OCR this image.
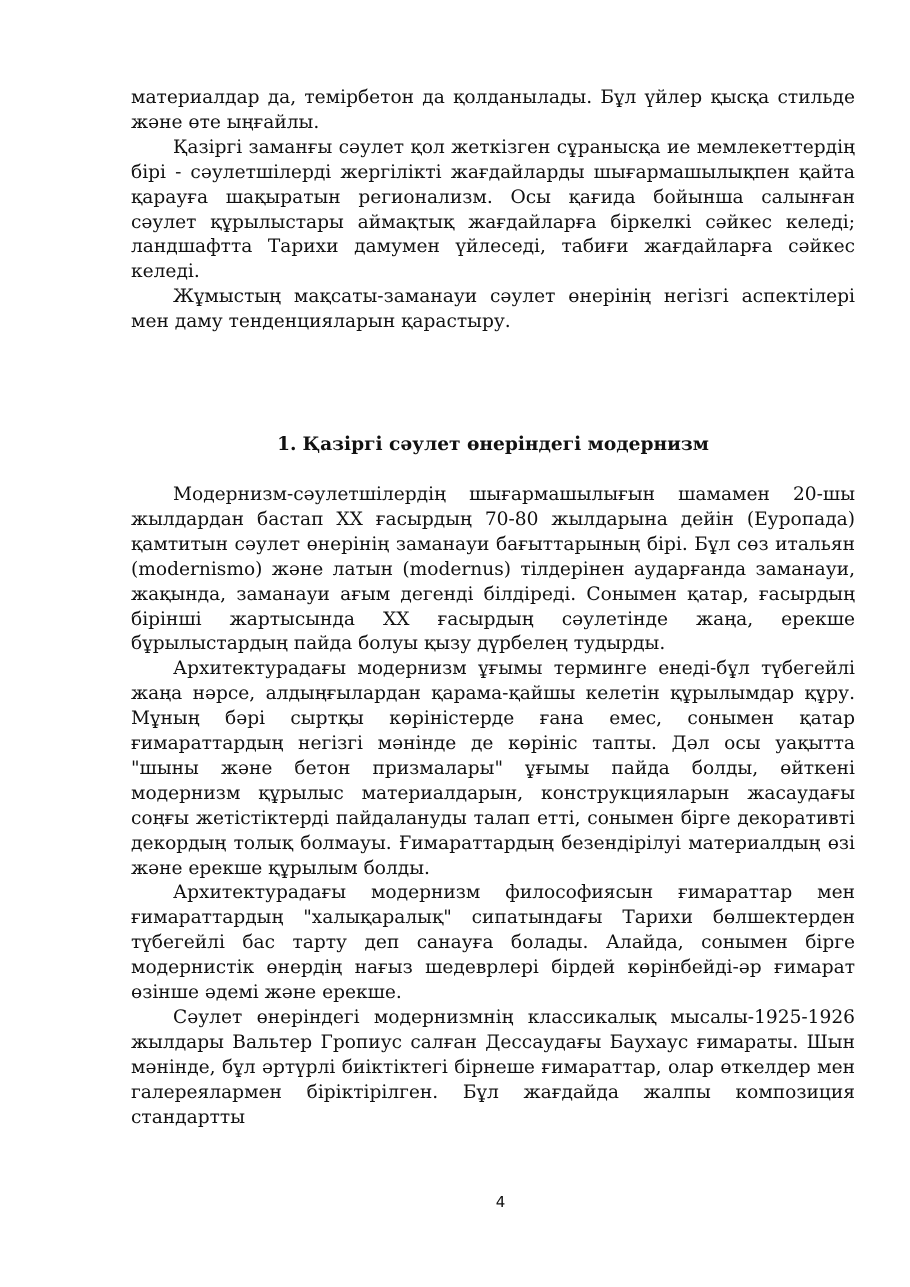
материалдар да, темірбетон да қолданылады. Бұл үйлер қысқа стильде және өте ыңғайлы.

Қазіргі заманғы сәулет қол жеткізген сұранысқа ие мемлекеттердің бірі - сәулетшілерді жергілікті жағдайларды шығармашылықпен қайта қарауға шақыратын регионализм. Осы қағида бойынша салынған сәулет құрылыстары аймақтық жағдайларға біркелкі сәйкес келеді; ландшафтта Тарихи дамумен үйлеседі, табиғи жағдайларға сәйкес келеді.

Жұмыстың мақсаты-заманауи сәулет өнерінің негізгі аспектілері мен даму тенденцияларын қарастыру.

1. Қазіргі сәулет өнеріндегі модернизм

Модернизм-сәулетшілердің шығармашылығын шамамен 20-шы жылдардан бастап XX ғасырдың 70-80 жылдарына дейін (Еуропада) қамтитын сәулет өнерінің заманауи бағыттарының бірі. Бұл сөз итальян (modernismo) және латын (modernus) тілдерінен аударғанда заманауи, жақында, заманауи ағым дегенді білдіреді. Сонымен қатар, ғасырдың бірінші жартысында XX ғасырдың сәулетінде жаңа, ерекше бұрылыстардың пайда болуы қызу дүрбелең тудырды.

Архитектурадағы модернизм ұғымы терминге енеді-бұл түбегейлі жаңа нәрсе, алдыңғылардан қарама-қайшы келетін құрылымдар құру. Мұның бәрі сыртқы көріністерде ғана емес, сонымен қатар ғимараттардың негізгі мәнінде де көрініс тапты. Дәл осы уақытта "шыны және бетон призмалары" ұғымы пайда болды, өйткені модернизм құрылыс материалдарын, конструкцияларын жасаудағы соңғы жетістіктерді пайдалануды талап етті, сонымен бірге декоративті декордың толық болмауы. Ғимараттардың безендірілуі материалдың өзі және ерекше құрылым болды.

Архитектурадағы модернизм философиясын ғимараттар мен ғимараттардың "халықаралық" сипатындағы Тарихи бөлшектерден түбегейлі бас тарту деп санауға болады. Алайда, сонымен бірге модернистік өнердің нағыз шедеврлері бірдей көрінбейді-әр ғимарат өзінше әдемі және ерекше.

Сәулет өнеріндегі модернизмнің классикалық мысалы-1925-1926 жылдары Вальтер Гропиус салған Дессаудағы Баухаус ғимараты. Шын мәнінде, бұл әртүрлі биіктіктегі бірнеше ғимараттар, олар өткелдер мен галереялармен біріктірілген. Бұл жағдайда жалпы композиция стандартты

4
